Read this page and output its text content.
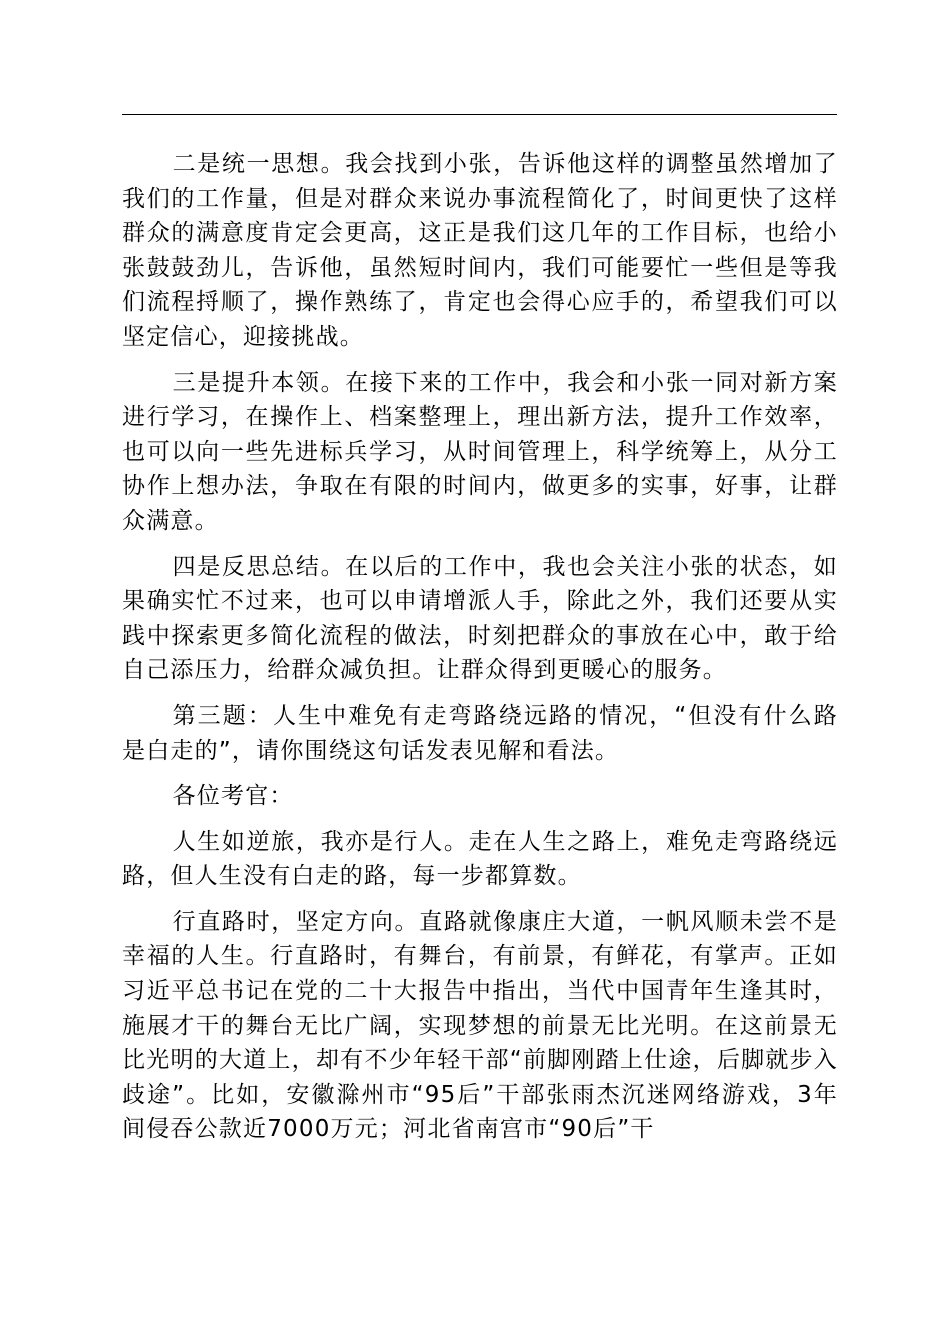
二是统一思想。我会找到小张，告诉他这样的调整虽然增加了我们的工作量，但是对群众来说办事流程简化了，时间更快了这样群众的满意度肯定会更高，这正是我们这几年的工作目标，也给小张鼓鼓劲儿，告诉他，虽然短时间内，我们可能要忙一些但是等我们流程捋顺了，操作熟练了，肯定也会得心应手的，希望我们可以坚定信心，迎接挑战。

三是提升本领。在接下来的工作中，我会和小张一同对新方案进行学习，在操作上、档案整理上，理出新方法，提升工作效率，也可以向一些先进标兵学习，从时间管理上，科学统筹上，从分工协作上想办法，争取在有限的时间内，做更多的实事，好事，让群众满意。

四是反思总结。在以后的工作中，我也会关注小张的状态，如果确实忙不过来，也可以申请增派人手，除此之外，我们还要从实践中探索更多简化流程的做法，时刻把群众的事放在心中，敢于给自己添压力，给群众减负担。让群众得到更暖心的服务。

第三题：人生中难免有走弯路绕远路的情况，“但没有什么路是白走的”，请你围绕这句话发表见解和看法。

各位考官：

人生如逆旅，我亦是行人。走在人生之路上，难免走弯路绕远路，但人生没有白走的路，每一步都算数。

行直路时，坚定方向。直路就像康庄大道，一帆风顺未尝不是幸福的人生。行直路时，有舞台，有前景，有鲜花，有掌声。正如习近平总书记在党的二十大报告中指出，当代中国青年生逢其时，施展才干的舞台无比广阔，实现梦想的前景无比光明。在这前景无比光明的大道上，却有不少年轻干部“前脚刚踏上仕途，后脚就步入歧途”。比如，安徽滁州市“95后”干部张雨杰沉迷网络游戏，3年间侵吞公款近7000万元；河北省南宫市“90后”干
